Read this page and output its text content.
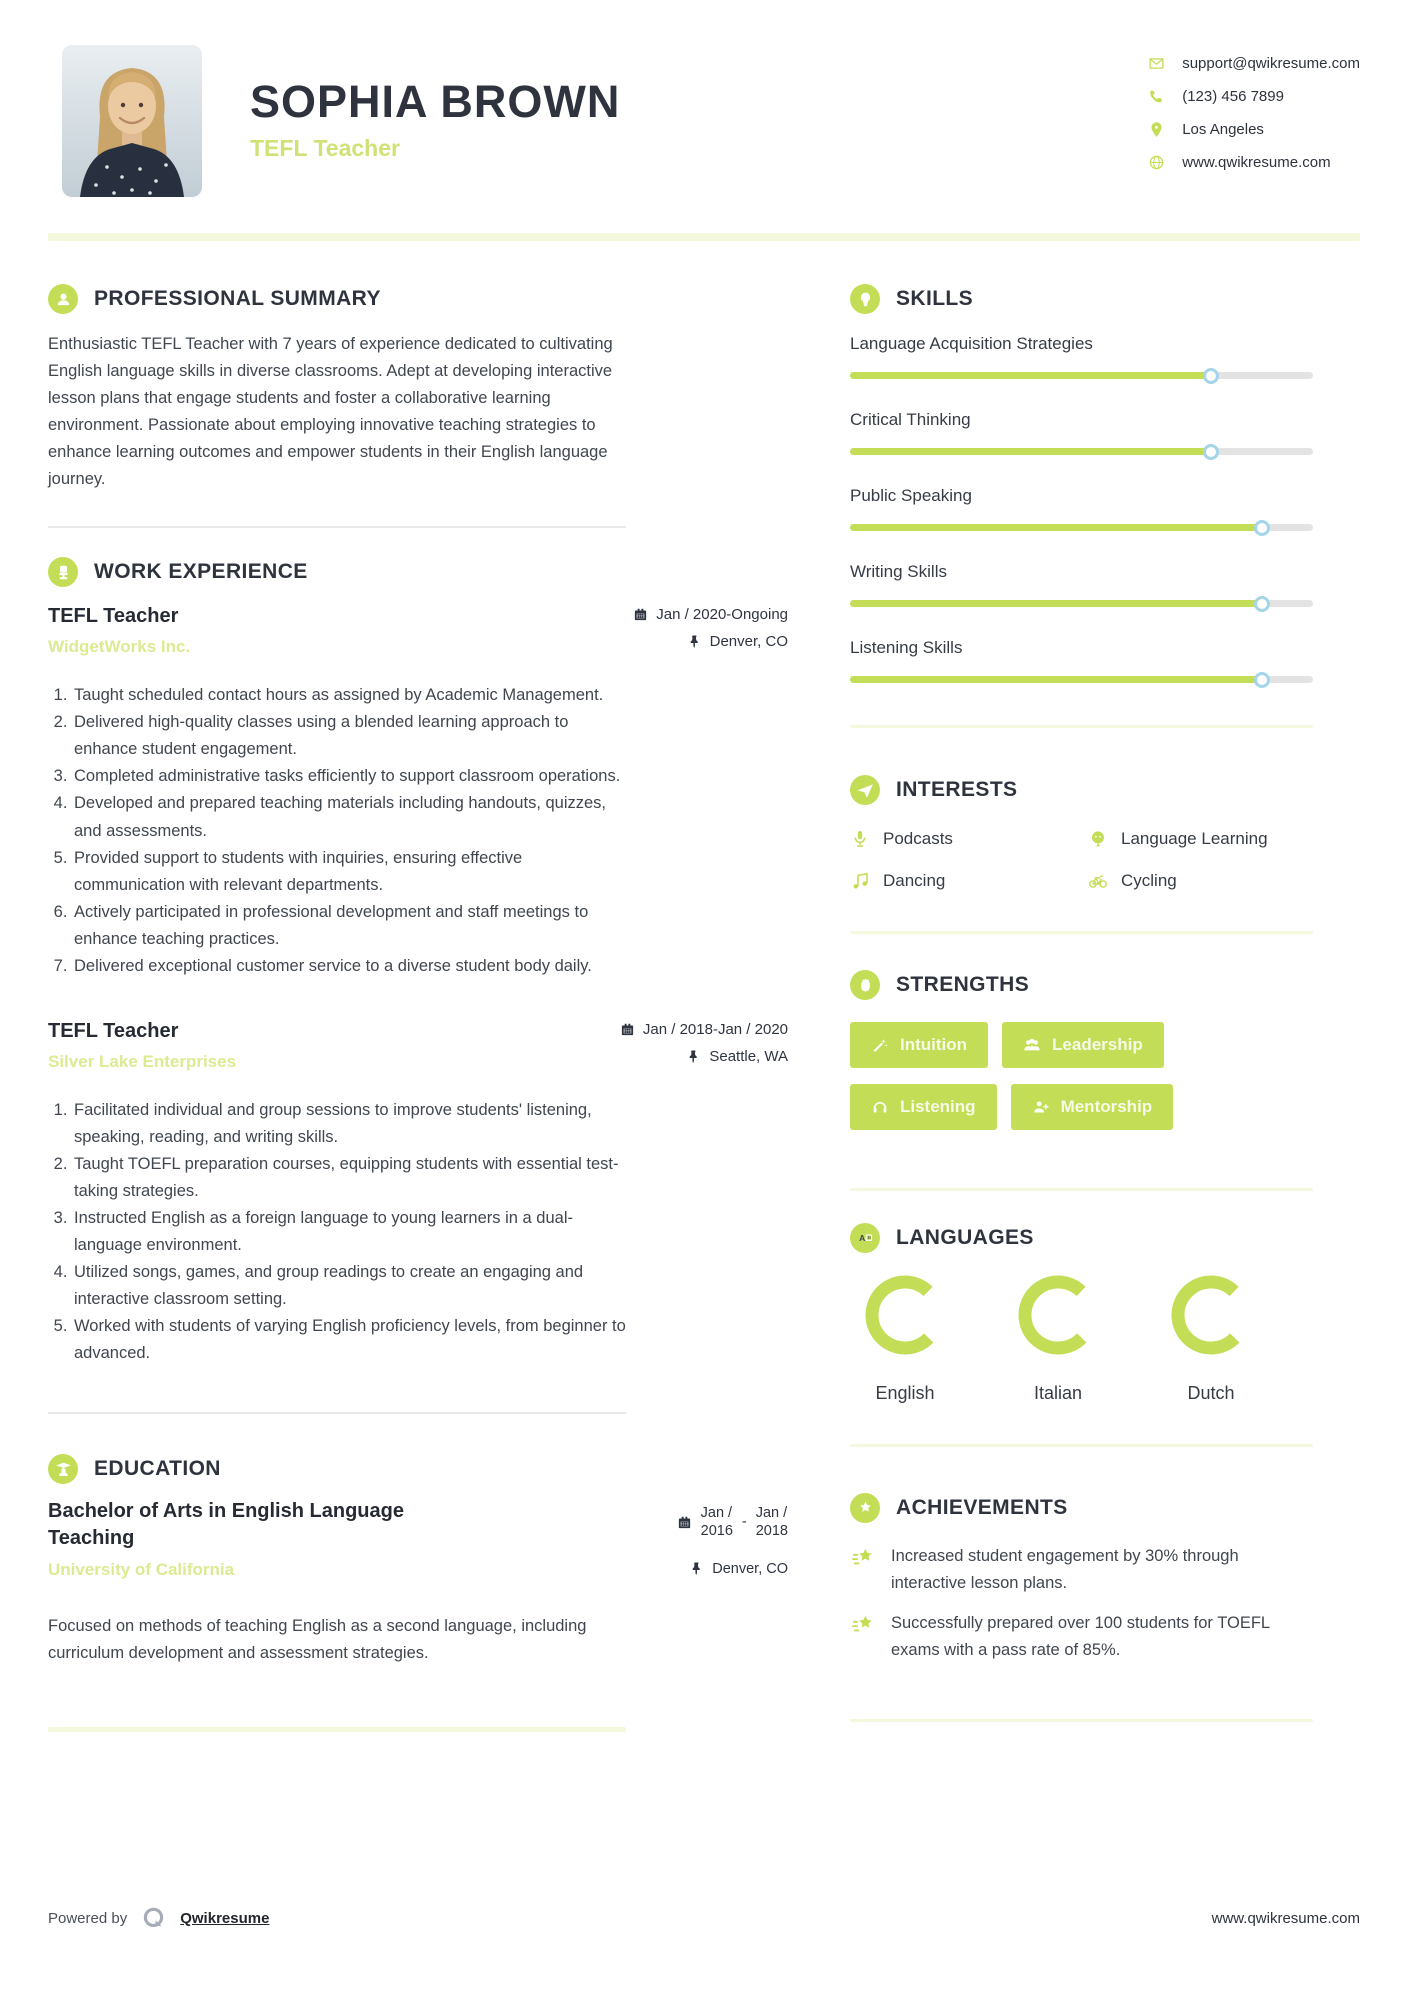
SOPHIA BROWN
TEFL Teacher
support@qwikresume.com
(123) 456 7899
Los Angeles
www.qwikresume.com
PROFESSIONAL SUMMARY

Enthusiastic TEFL Teacher with 7 years of experience dedicated to cultivating English language skills in diverse classrooms. Adept at developing interactive lesson plans that engage students and foster a collaborative learning environment. Passionate about employing innovative teaching strategies to enhance learning outcomes and empower students in their English language journey.

WORK EXPERIENCE
TEFL Teacher
WidgetWorks Inc.
Jan / 2020-Ongoing
Denver, CO
1. Taught scheduled contact hours as assigned by Academic Management.
2. Delivered high-quality classes using a blended learning approach to enhance student engagement.
3. Completed administrative tasks efficiently to support classroom operations.
4. Developed and prepared teaching materials including handouts, quizzes, and assessments.
5. Provided support to students with inquiries, ensuring effective communication with relevant departments.
6. Actively participated in professional development and staff meetings to enhance teaching practices.
7. Delivered exceptional customer service to a diverse student body daily.
TEFL Teacher
Silver Lake Enterprises
Jan / 2018-Jan / 2020
Seattle, WA
1. Facilitated individual and group sessions to improve students' listening, speaking, reading, and writing skills.
2. Taught TOEFL preparation courses, equipping students with essential test-taking strategies.
3. Instructed English as a foreign language to young learners in a dual-language environment.
4. Utilized songs, games, and group readings to create an engaging and interactive classroom setting.
5. Worked with students of varying English proficiency levels, from beginner to advanced.
EDUCATION
Bachelor of Arts in English Language Teaching
University of California
Jan /
2016
-
Jan /
2018
Denver, CO

Focused on methods of teaching English as a second language, including curriculum development and assessment strategies.

SKILLS
Language Acquisition Strategies
Critical Thinking
Public Speaking
Writing Skills
Listening Skills
INTERESTS
Podcasts	Language Learning
Dancing	Cycling
STRENGTHS
Intuition	Leadership
Listening	Mentorship
LANGUAGES
English	Italian	Dutch
ACHIEVEMENTS

Increased student engagement by 30% through interactive lesson plans.

Successfully prepared over 100 students for TOEFL exams with a pass rate of 85%.

Powered by	Qwikresume	www.qwikresume.com
